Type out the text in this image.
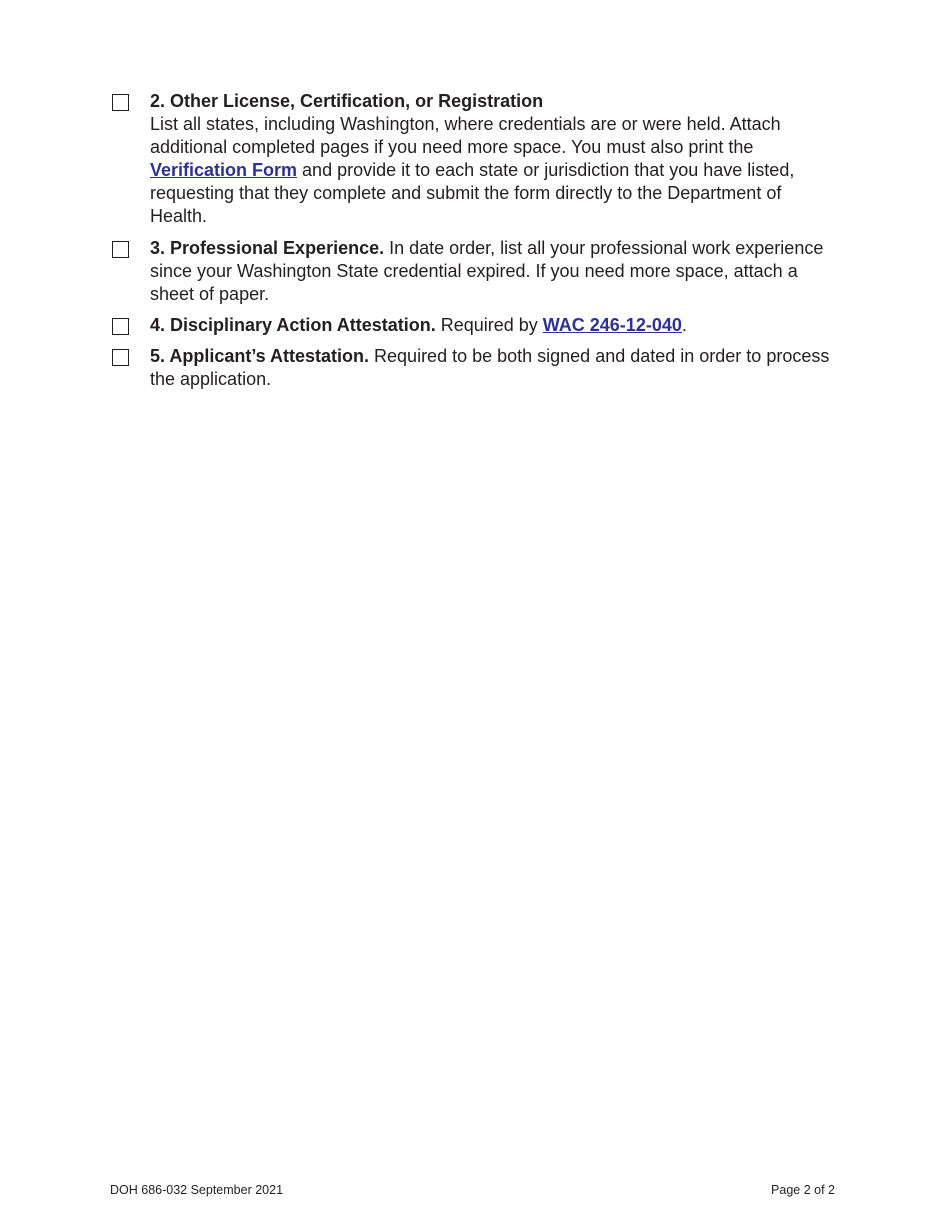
2. Other License, Certification, or Registration
List all states, including Washington, where credentials are or were held. Attach additional completed pages if you need more space. You must also print the Verification Form and provide it to each state or jurisdiction that you have listed, requesting that they complete and submit the form directly to the Department of Health.
3. Professional Experience. In date order, list all your professional work experience since your Washington State credential expired. If you need more space, attach a sheet of paper.
4. Disciplinary Action Attestation. Required by WAC 246-12-040.
5. Applicant’s Attestation. Required to be both signed and dated in order to process the application.
DOH 686-032 September 2021	Page 2 of 2
